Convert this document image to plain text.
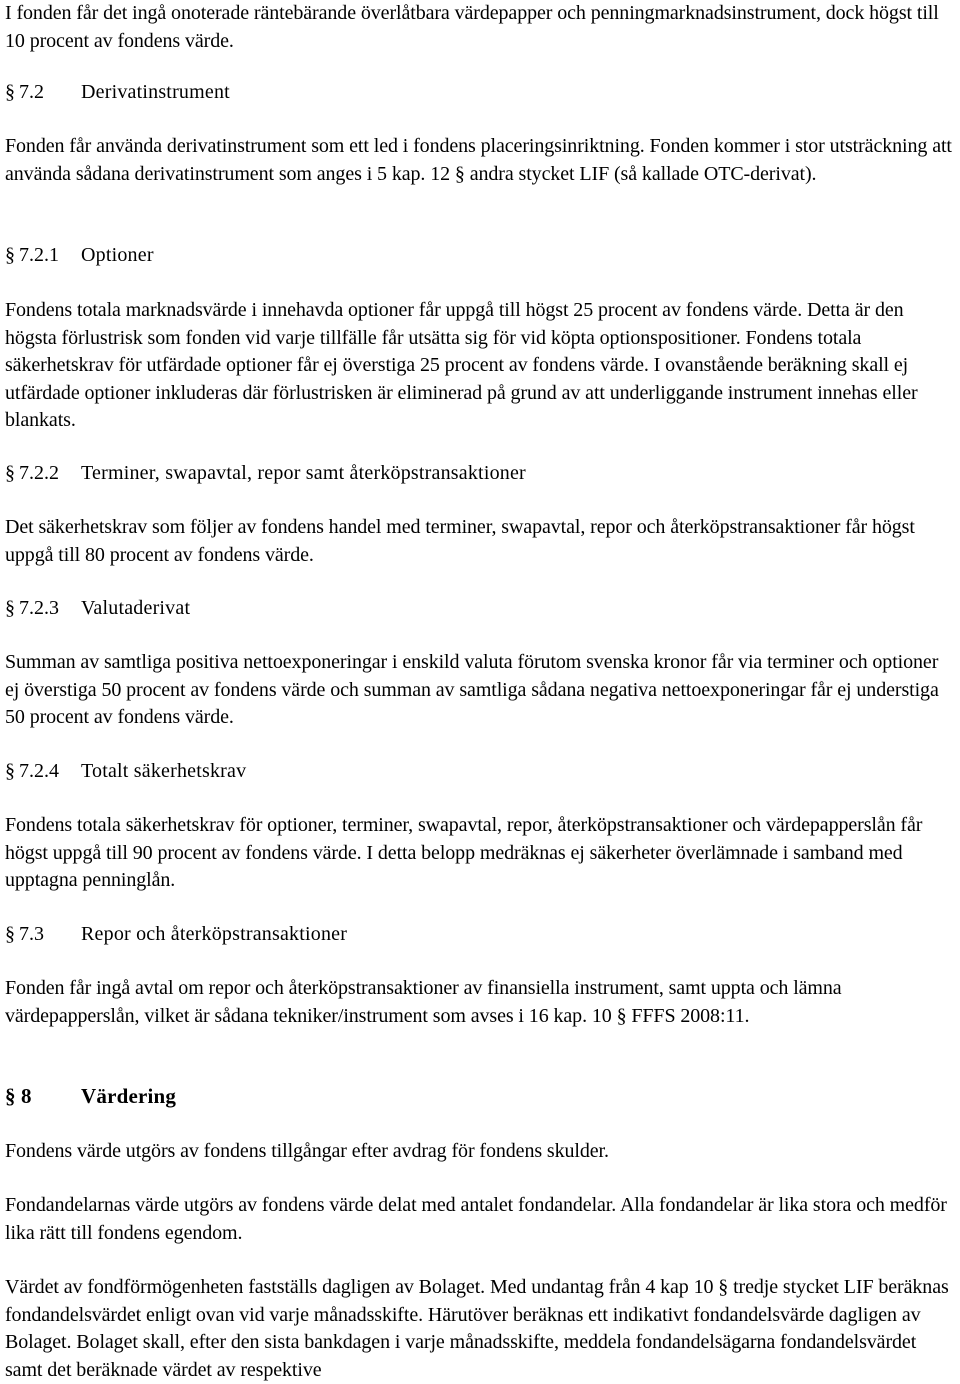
I fonden får det ingå onoterade räntebärande överlåtbara värdepapper och penningmarknadsinstrument, dock högst till 10 procent av fondens värde.

§ 7.2 Derivatinstrument

Fonden får använda derivatinstrument som ett led i fondens placeringsinriktning. Fonden kommer i stor utsträckning att använda sådana derivatinstrument som anges i 5 kap. 12 § andra stycket LIF (så kallade OTC-derivat).

§ 7.2.1 Optioner

Fondens totala marknadsvärde i innehavda optioner får uppgå till högst 25 procent av fondens värde. Detta är den högsta förlustrisk som fonden vid varje tillfälle får utsätta sig för vid köpta optionspositioner. Fondens totala säkerhetskrav för utfärdade optioner får ej överstiga 25 procent av fondens värde. I ovanstående beräkning skall ej utfärdade optioner inkluderas där förlustrisken är eliminerad på grund av att underliggande instrument innehas eller blankats.

§ 7.2.2 Terminer, swapavtal, repor samt återköpstransaktioner

Det säkerhetskrav som följer av fondens handel med terminer, swapavtal, repor och återköpstransaktioner får högst uppgå till 80 procent av fondens värde.

§ 7.2.3 Valutaderivat

Summan av samtliga positiva nettoexponeringar i enskild valuta förutom svenska kronor får via terminer och optioner ej överstiga 50 procent av fondens värde och summan av samtliga sådana negativa nettoexponeringar får ej understiga 50 procent av fondens värde.

§ 7.2.4 Totalt säkerhetskrav

Fondens totala säkerhetskrav för optioner, terminer, swapavtal, repor, återköpstransaktioner och värdepapperslån får högst uppgå till 90 procent av fondens värde. I detta belopp medräknas ej säkerheter överlämnade i samband med upptagna penninglån.

§ 7.3 Repor och återköpstransaktioner

Fonden får ingå avtal om repor och återköpstransaktioner av finansiella instrument, samt uppta och lämna värdepapperslån, vilket är sådana tekniker/instrument som avses i 16 kap. 10 § FFFS 2008:11.

§ 8 Värdering

Fondens värde utgörs av fondens tillgångar efter avdrag för fondens skulder.

Fondandelarnas värde utgörs av fondens värde delat med antalet fondandelar. Alla fondandelar är lika stora och medför lika rätt till fondens egendom.

Värdet av fondförmögenheten fastställs dagligen av Bolaget. Med undantag från 4 kap 10 § tredje stycket LIF beräknas fondandelsvärdet enligt ovan vid varje månadsskifte. Härutöver beräknas ett indikativt fondandelsvärde dagligen av Bolaget. Bolaget skall, efter den sista bankdagen i varje månadsskifte, meddela fondandelsägarna fondandelsvärdet samt det beräknade värdet av respektive
